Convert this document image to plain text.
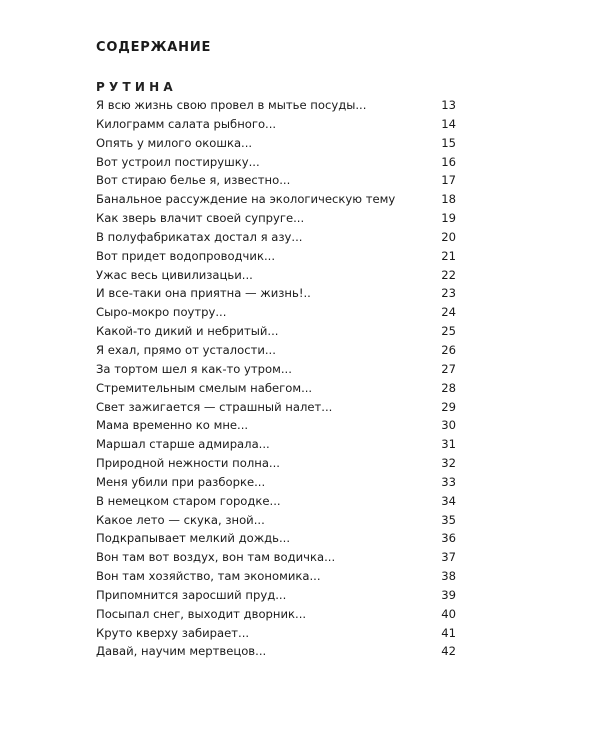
СОДЕРЖАНИЕ
РУТИНА
Я всю жизнь свою провел в мытье посуды...	13
Килограмм салата рыбного...	14
Опять у милого окошка...	15
Вот устроил постирушку...	16
Вот стираю белье я, известно...	17
Банальное рассуждение на экологическую тему	18
Как зверь влачит своей супруге...	19
В полуфабрикатах достал я азу...	20
Вот придет водопроводчик...	21
Ужас весь цивилизацьи...	22
И все-таки она приятна — жизнь!..	23
Сыро-мокро поутру...	24
Какой-то дикий и небритый...	25
Я ехал, прямо от усталости...	26
За тортом шел я как-то утром...	27
Стремительным смелым набегом...	28
Свет зажигается — страшный налет...	29
Мама временно ко мне...	30
Маршал старше адмирала...	31
Природной нежности полна...	32
Меня убили при разборке...	33
В немецком старом городке...	34
Какое лето — скука, зной...	35
Подкрапывает мелкий дождь...	36
Вон там вот воздух, вон там водичка...	37
Вон там хозяйство, там экономика...	38
Припомнится заросший пруд...	39
Посыпал снег, выходит дворник...	40
Круто кверху забирает...	41
Давай, научим мертвецов...	42
